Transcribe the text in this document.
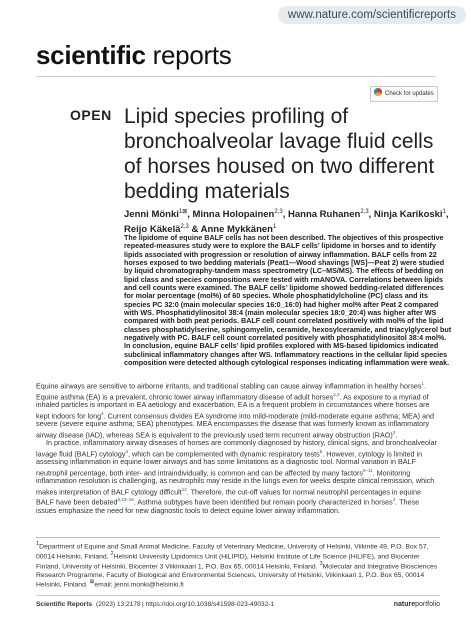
www.nature.com/scientificreports
scientific reports
Check for updates
OPEN Lipid species profiling of bronchoalveolar lavage fluid cells of horses housed on two different bedding materials

Jenni Mönki$^{1⊠}$, Minna Holopainen$^{2,3}$, Hanna Ruhanen$^{2,3}$, Ninja Karikoski$^1$, Reijo Käkelä$^{2,3}$ & Anne Mykkänen$^1$

The lipidome of equine BALF cells has not been described. The objectives of this prospective repeated-measures study were to explore the BALF cells’ lipidome in horses and to identify lipids associated with progression or resolution of airway inflammation. BALF cells from 22 horses exposed to two bedding materials (Peat1—Wood shavings [WS]—Peat 2) were studied by liquid chromatography-tandem mass spectrometry (LC–MS/MS). The effects of bedding on lipid class and species compositions were tested with rmANOVA. Correlations between lipids and cell counts were examined. The BALF cells’ lipidome showed bedding-related differences for molar percentage (mol%) of 60 species. Whole phosphatidylcholine (PC) class and its species PC 32:0 (main molecular species 16:0_16:0) had higher mol% after Peat 2 compared with WS. Phosphatidylinositol 38:4 (main molecular species 18:0_20:4) was higher after WS compared with both peat periods. BALF cell count correlated positively with mol% of the lipid classes phosphatidylserine, sphingomyelin, ceramide, hexosylceramide, and triacylglycerol but negatively with PC. BALF cell count correlated positively with phosphatidylinositol 38:4 mol%. In conclusion, equine BALF cells’ lipid profiles explored with MS-based lipidomics indicated subclinical inflammatory changes after WS. Inflammatory reactions in the cellular lipid species composition were detected although cytological responses indicating inflammation were weak.

Equine airways are sensitive to airborne irritants, and traditional stabling can cause airway inflammation in healthy horses$^1$. Equine asthma (EA) is a prevalent, chronic lower airway inflammatory disease of adult horses$^{2,3}$. As exposure to a myriad of inhaled particles is important in EA aetiology and exacerbation, EA is a frequent problem in circumstances where horses are kept indoors for long$^4$. Current consensus divides EA syndrome into mild-moderate (mild-moderate equine asthma; MEA) and severe (severe equine asthma; SEA) phenotypes. MEA encompasses the disease that was formerly known as inflammatory airway disease (IAD), whereas SEA is equivalent to the previously used term recurrent airway obstruction (RAO)$^3$.

In practice, inflammatory airway diseases of horses are commonly diagnosed by history, clinical signs, and bronchoalveolar lavage fluid (BALF) cytology$^4$, which can be complemented with dynamic respiratory tests$^5$. However, cytology is limited in assessing inflammation in equine lower airways and has some limitations as a diagnostic tool. Normal variation in BALF neutrophil percentage, both inter- and intraindividually, is common and can be affected by many factors$^{6-11}$. Monitoring inflammation resolution is challenging, as neutrophils may reside in the lungs even for weeks despite clinical remission, which makes interpretation of BALF cytology difficult$^{12}$. Therefore, the cut-off values for normal neutrophil percentages in equine BALF have been debated$^{3,13-16}$. Asthma subtypes have been identified but remain poorly characterized in horses$^3$. These issues emphasize the need for new diagnostic tools to detect equine lower airway inflammation.

$^1$Department of Equine and Small Animal Medicine, Faculty of Veterinary Medicine, University of Helsinki, Viikintie 49, P.O. Box 57, 00014 Helsinki, Finland. $^2$Helsinki University Lipidomics Unit (HiLIPID), Helsinki Institute of Life Science (HiLIFE), and Biocenter Finland, University of Helsinki, Biocenter 3 Viikinkaari 1, P.O. Box 65, 00014 Helsinki, Finland. $^3$Molecular and Integrative Biosciences Research Programme, Faculty of Biological and Environmental Sciences, University of Helsinki, Viikinkaari 1, P.O. Box 65, 00014 Helsinki, Finland. ⊠email: jenni.monki@helsinki.fi

Scientific Reports (2023) 13:2178 | https://doi.org/10.1038/s41598-023-49032-1	natureportfolio
